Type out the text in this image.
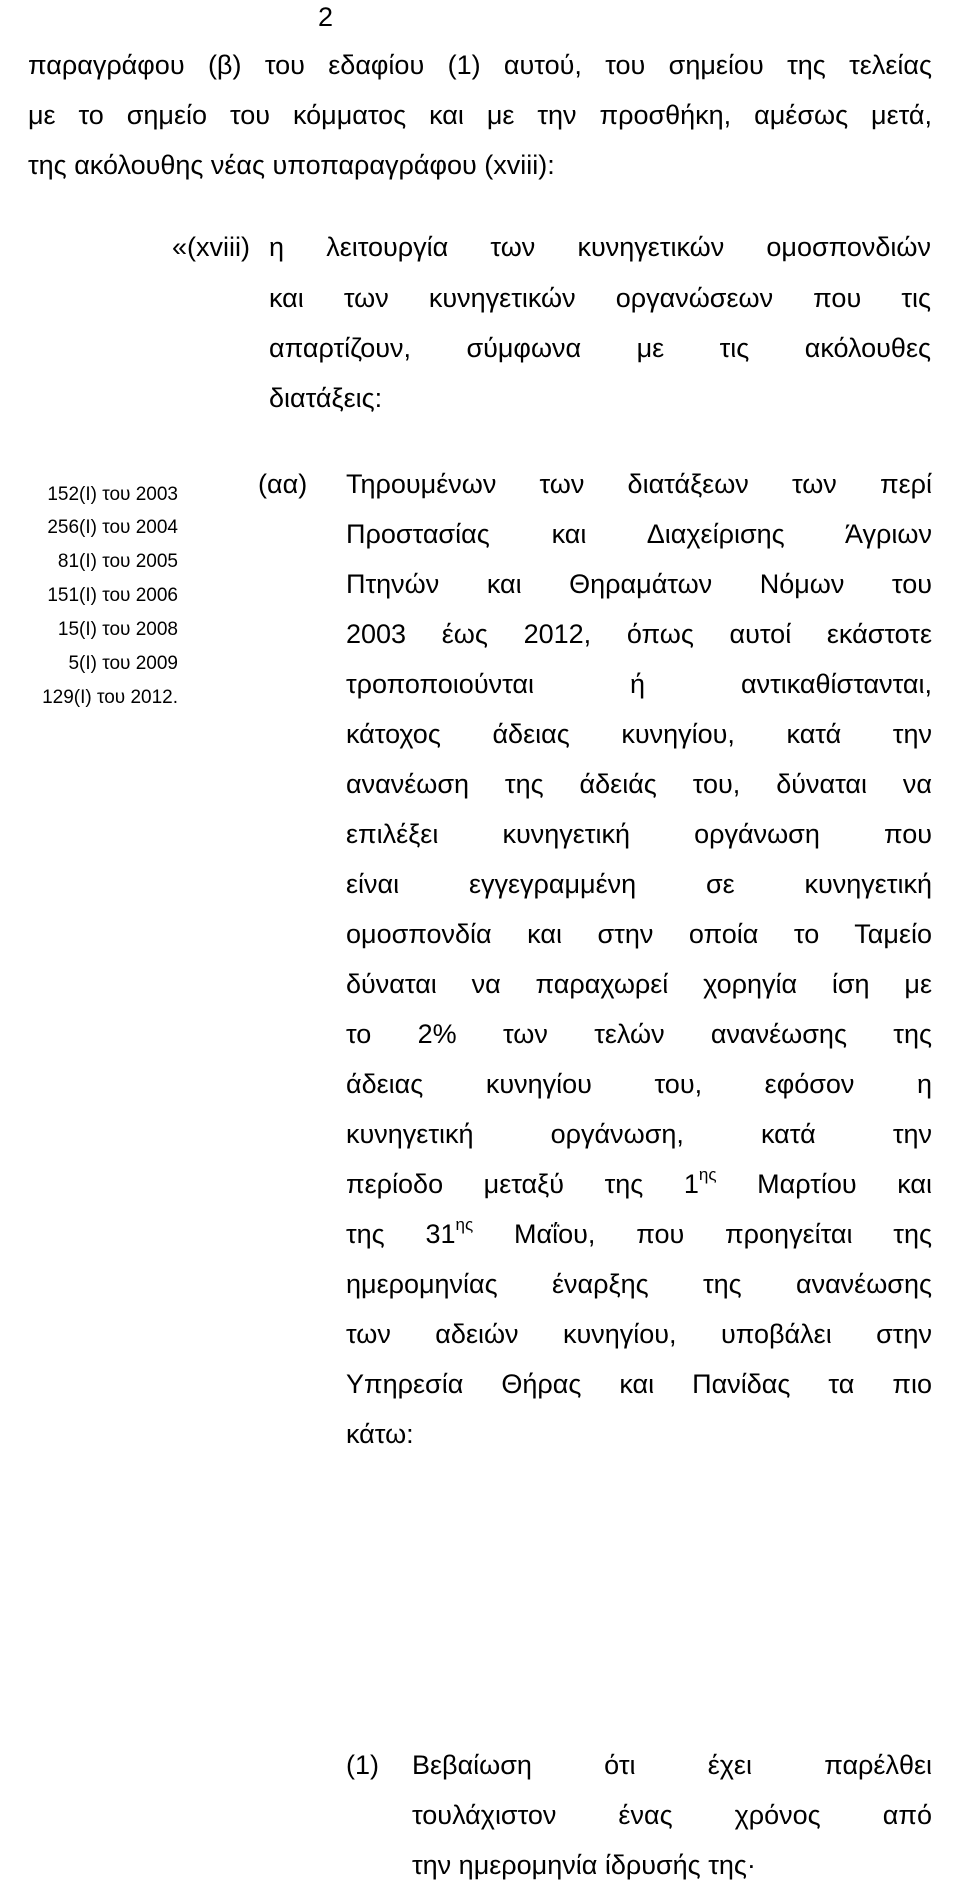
2
παραγράφου (β) του εδαφίου (1) αυτού, του σημείου της τελείας
με το σημείο του κόμματος και με την προσθήκη, αμέσως μετά,
της ακόλουθης νέας υποπαραγράφου (xviii):
«(xviii) η λειτουργία των κυνηγετικών ομοσπονδιών
και των κυνηγετικών οργανώσεων που τις
απαρτίζουν, σύμφωνα με τις ακόλουθες
διατάξεις:
152(Ι) του 2003
256(Ι) του 2004
81(Ι) του 2005
151(Ι) του 2006
15(Ι) του 2008
5(Ι) του 2009
129(Ι) του 2012.
(αα) Τηρουμένων των διατάξεων των περί
Προστασίας και Διαχείρισης Άγριων
Πτηνών και Θηραμάτων Νόμων του
2003 έως 2012, όπως αυτοί εκάστοτε
τροποποιούνται ή αντικαθίστανται,
κάτοχος άδειας κυνηγίου, κατά την
ανανέωση της άδειάς του, δύναται να
επιλέξει κυνηγετική οργάνωση που
είναι εγγεγραμμένη σε κυνηγετική
ομοσπονδία και στην οποία το Ταμείο
δύναται να παραχωρεί χορηγία ίση με
το 2% των τελών ανανέωσης της
άδειας κυνηγίου του, εφόσον η
κυνηγετική οργάνωση, κατά την
περίοδο μεταξύ της $1^{\eta\varsigma}$ Μαρτίου και
της $31^{\eta\varsigma}$ Μαΐου, που προηγείται της
ημερομηνίας έναρξης της ανανέωσης
των αδειών κυνηγίου, υποβάλει στην
Υπηρεσία Θήρας και Πανίδας τα πιο
κάτω:
(1) Βεβαίωση ότι έχει παρέλθει
τουλάχιστον ένας χρόνος από
την ημερομηνία ίδρυσής της·
